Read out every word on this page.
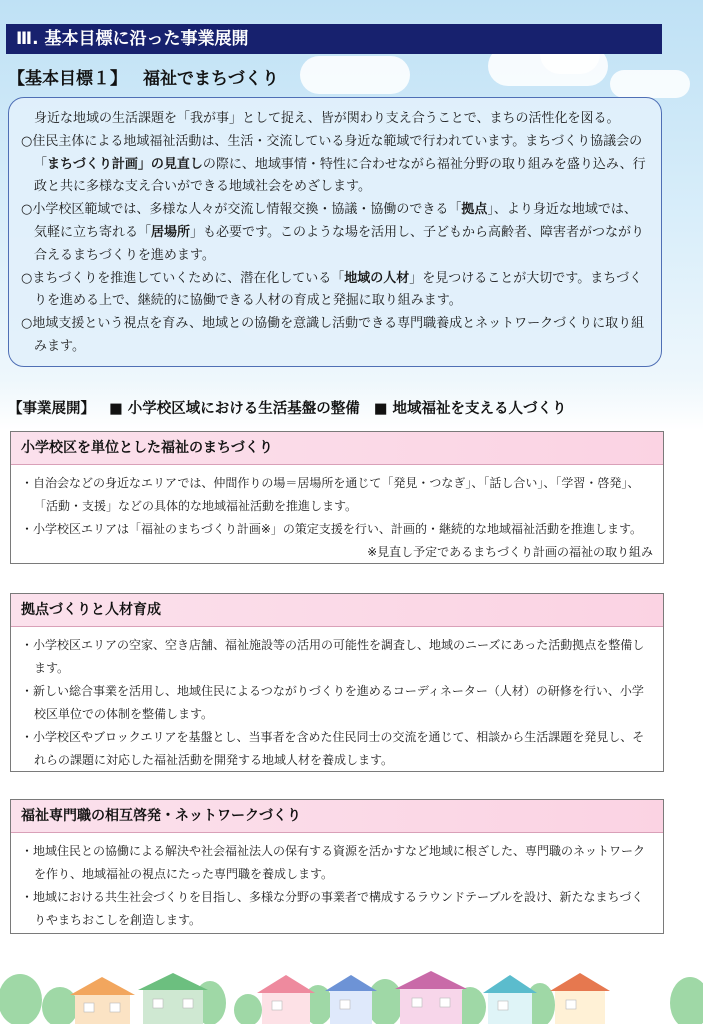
Ⅲ. 基本目標に沿った事業展開
【基本目標１】 福祉でまちづくり

身近な地域の生活課題を「我が事」として捉え、皆が関わり支え合うことで、まちの活性化を図る。

○住民主体による地域福祉活動は、生活・交流している身近な範域で行われています。まちづくり協議会の「まちづくり計画」の見直しの際に、地域事情・特性に合わせながら福祉分野の取り組みを盛り込み、行政と共に多様な支え合いができる地域社会をめざします。

○小学校区範域では、多様な人々が交流し情報交換・協議・協働のできる「拠点」、より身近な地域では、気軽に立ち寄れる「居場所」も必要です。このような場を活用し、子どもから高齢者、障害者がつながり合えるまちづくりを進めます。

○まちづくりを推進していくために、潜在化している「地域の人材」を見つけることが大切です。まちづくりを進める上で、継続的に協働できる人材の育成と発掘に取り組みます。

○地域支援という視点を育み、地域との協働を意識し活動できる専門職養成とネットワークづくりに取り組みます。

【事業展開】 ■ 小学校区域における生活基盤の整備 ■ 地域福祉を支える人づくり
小学校区を単位とした福祉のまちづくり

・自治会などの身近なエリアでは、仲間作りの場＝居場所を通じて「発見・つなぎ」、「話し合い」、「学習・啓発」、「活動・支援」などの具体的な地域福祉活動を推進します。

・小学校区エリアは「福祉のまちづくり計画※」の策定支援を行い、計画的・継続的な地域福祉活動を推進します。

※見直し予定であるまちづくり計画の福祉の取り組み

拠点づくりと人材育成

・小学校区エリアの空家、空き店舗、福祉施設等の活用の可能性を調査し、地域のニーズにあった活動拠点を整備します。

・新しい総合事業を活用し、地域住民によるつながりづくりを進めるコーディネーター（人材）の研修を行い、小学校区単位での体制を整備します。

・小学校区やブロックエリアを基盤とし、当事者を含めた住民同士の交流を通じて、相談から生活課題を発見し、それらの課題に対応した福祉活動を開発する地域人材を養成します。

福祉専門職の相互啓発・ネットワークづくり

・地域住民との協働による解決や社会福祉法人の保有する資源を活かすなど地域に根ざした、専門職のネットワークを作り、地域福祉の視点にたった専門職を養成します。

・地域における共生社会づくりを目指し、多様な分野の事業者で構成するラウンドテーブルを設け、新たなまちづくりやまちおこしを創造します。
